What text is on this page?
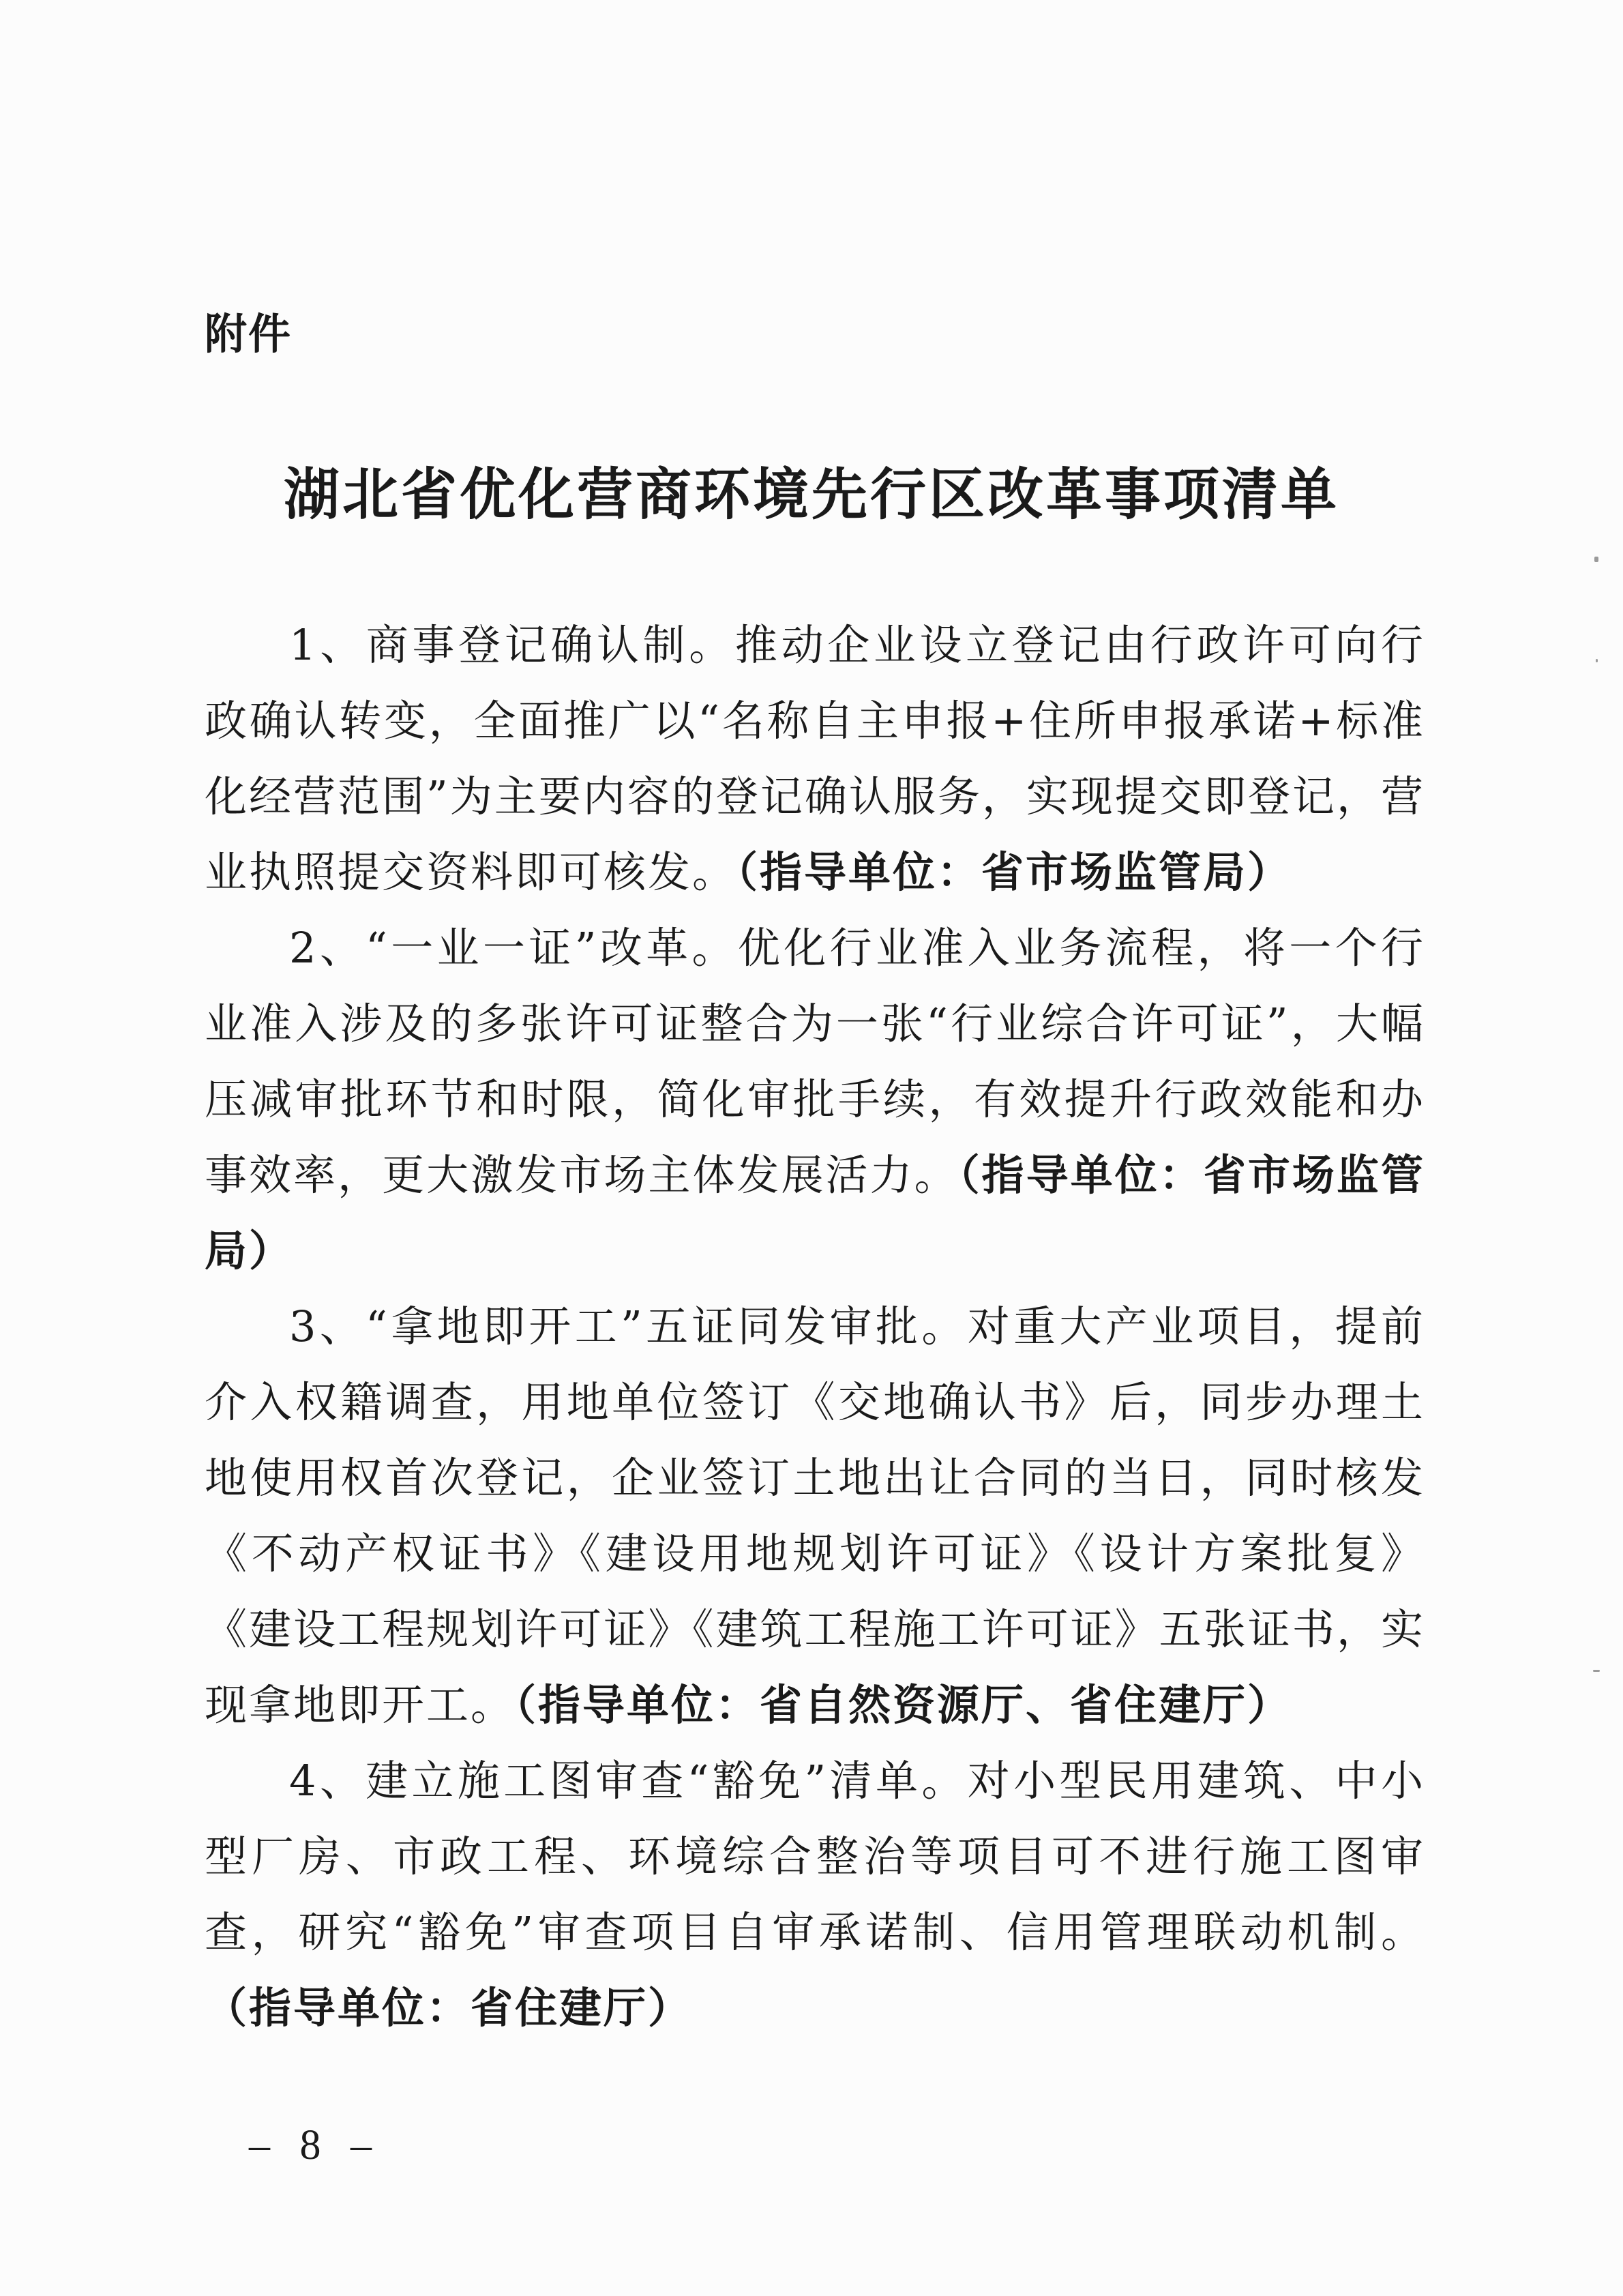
附件
湖北省优化营商环境先行区改革事项清单

1、商事登记确认制。推动企业设立登记由行政许可向行政确认转变，全面推广以“名称自主申报+住所申报承诺+标准化经营范围”为主要内容的登记确认服务，实现提交即登记，营业执照提交资料即可核发。（指导单位：省市场监管局）

2、“一业一证”改革。优化行业准入业务流程，将一个行业准入涉及的多张许可证整合为一张“行业综合许可证”，大幅压减审批环节和时限，简化审批手续，有效提升行政效能和办事效率，更大激发市场主体发展活力。（指导单位：省市场监管局）

3、“拿地即开工”五证同发审批。对重大产业项目，提前介入权籍调查，用地单位签订《交地确认书》后，同步办理土地使用权首次登记，企业签订土地出让合同的当日，同时核发《不动产权证书》《建设用地规划许可证》《设计方案批复》《建设工程规划许可证》《建筑工程施工许可证》五张证书，实现拿地即开工。（指导单位：省自然资源厅、省住建厅）

4、建立施工图审查“豁免”清单。对小型民用建筑、中小型厂房、市政工程、环境综合整治等项目可不进行施工图审查，研究“豁免”审查项目自审承诺制、信用管理联动机制。（指导单位：省住建厅）

– 8 –
